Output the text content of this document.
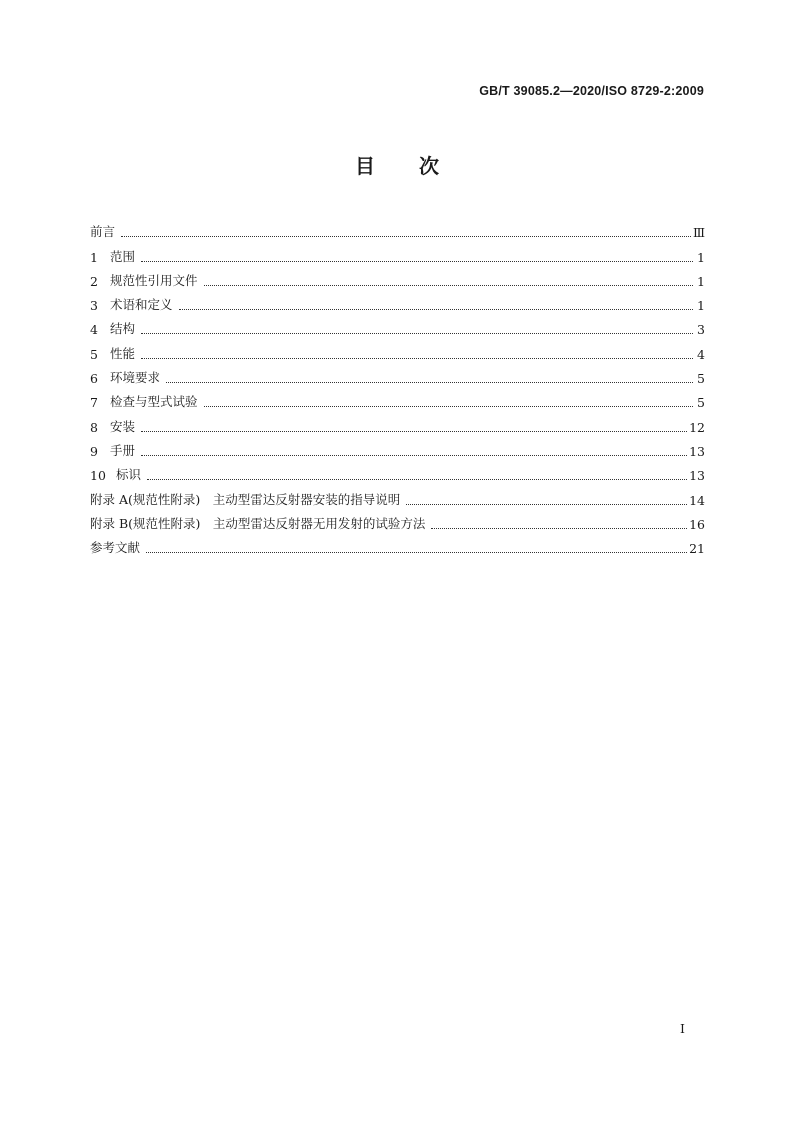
GB/T 39085.2—2020/ISO 8729-2:2009
目 次
前言	Ⅲ
1 范围	1
2 规范性引用文件	1
3 术语和定义	1
4 结构	3
5 性能	4
6 环境要求	5
7 检查与型式试验	5
8 安装	12
9 手册	13
10 标识	13
附录 A(规范性附录)　主动型雷达反射器安装的指导说明	14
附录 B(规范性附录)　主动型雷达反射器无用发射的试验方法	16
参考文献	21
I
